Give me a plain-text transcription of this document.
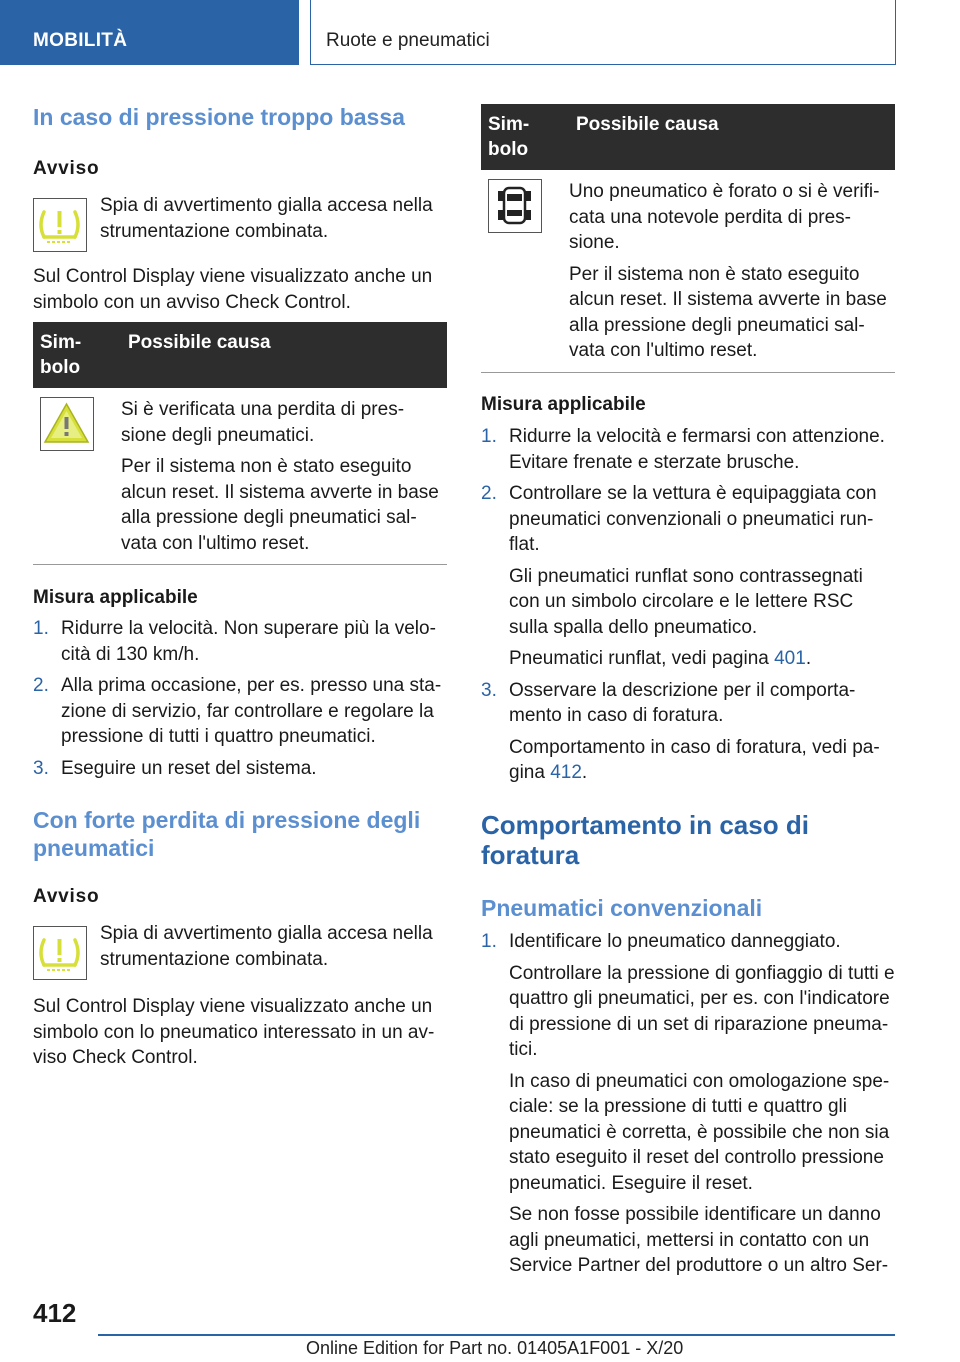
MOBILITÀ	Ruote e pneumatici
In caso di pressione troppo bassa
Avviso

Spia di avvertimento gialla accesa nella strumentazione combinata.

Sul Control Display viene visualizzato anche un simbolo con un avviso Check Control.

Sim‐bolo	Possibile causa

Si è verificata una perdita di pres‐sione degli pneumatici.

Per il sistema non è stato eseguito alcun reset. Il sistema avverte in base alla pressione degli pneumatici sal‐vata con l'ultimo reset.

Misura applicabile

1. Ridurre la velocità. Non superare più la velo‐cità di 130 km/h.

2. Alla prima occasione, per es. presso una sta‐zione di servizio, far controllare e regolare la pressione di tutti i quattro pneumatici.

3. Eseguire un reset del sistema.

Con forte perdita di pressione degli pneumatici
Avviso

Spia di avvertimento gialla accesa nella strumentazione combinata.

Sul Control Display viene visualizzato anche un simbolo con lo pneumatico interessato in un av‐viso Check Control.

Sim‐bolo	Possibile causa

Uno pneumatico è forato o si è verifi‐cata una notevole perdita di pres‐sione.

Per il sistema non è stato eseguito alcun reset. Il sistema avverte in base alla pressione degli pneumatici sal‐vata con l'ultimo reset.

Misura applicabile

1. Ridurre la velocità e fermarsi con attenzione. Evitare frenate e sterzate brusche.

2. Controllare se la vettura è equipaggiata con pneumatici convenzionali o pneumatici run‐flat.

Gli pneumatici runflat sono contrassegnati con un simbolo circolare e le lettere RSC sulla spalla dello pneumatico.

Pneumatici runflat, vedi pagina 401.

3. Osservare la descrizione per il comporta‐mento in caso di foratura.

Comportamento in caso di foratura, vedi pa‐gina 412.

Comportamento in caso di foratura
Pneumatici convenzionali
1. Identificare lo pneumatico danneggiato.

Controllare la pressione di gonfiaggio di tutti e quattro gli pneumatici, per es. con l'indicatore di pressione di un set di riparazione pneuma‐tici.

In caso di pneumatici con omologazione spe‐ciale: se la pressione di tutti e quattro gli pneumatici è corretta, è possibile che non sia stato eseguito il reset del controllo pressione pneumatici. Eseguire il reset.

Se non fosse possibile identificare un danno agli pneumatici, mettersi in contatto con un Service Partner del produttore o un altro Ser‐

412
Online Edition for Part no. 01405A1F001 - X/20
